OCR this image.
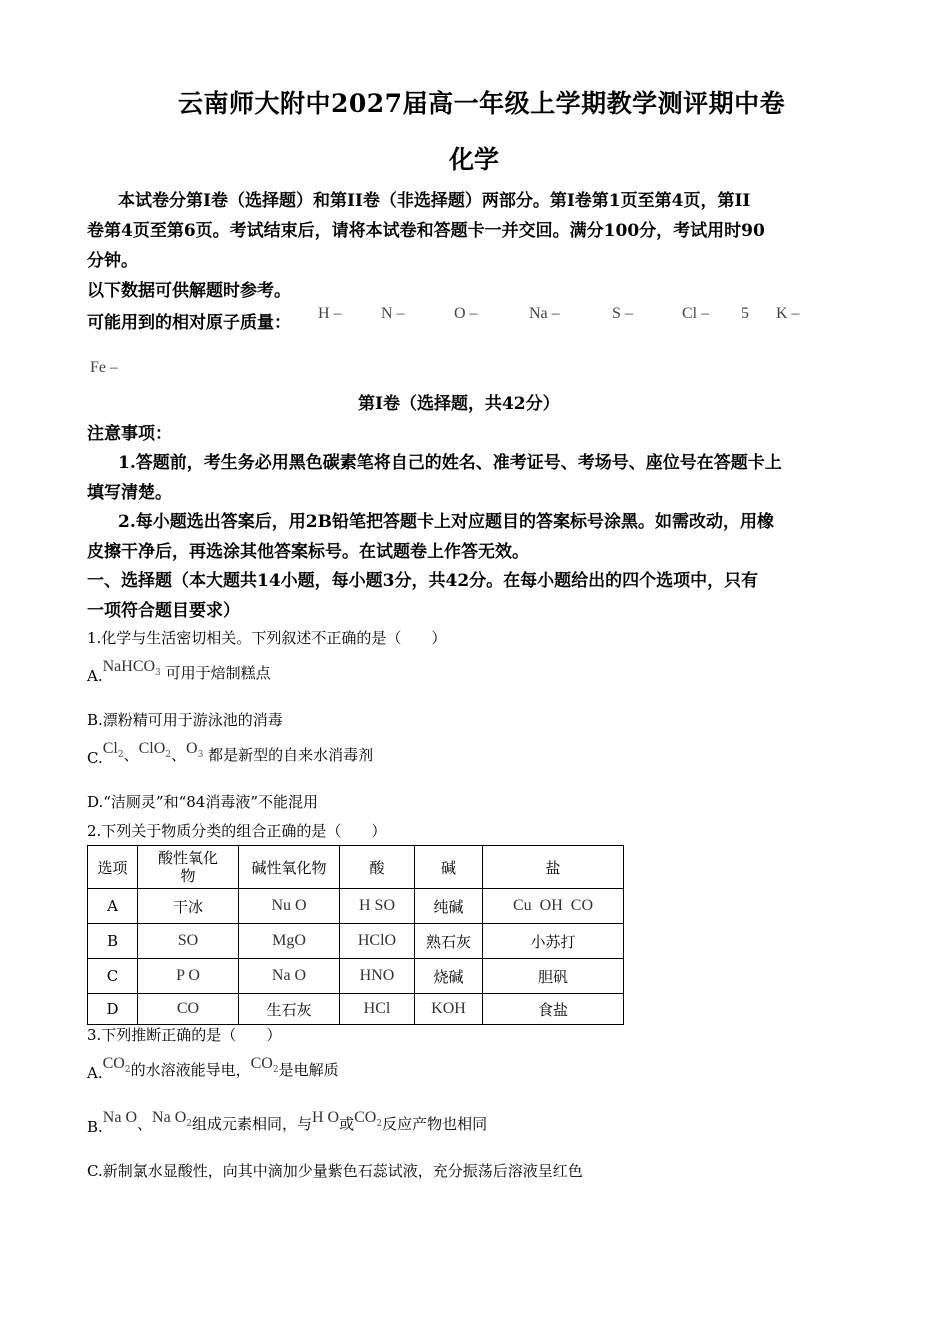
云南师大附中2027届高一年级上学期教学测评期中卷
化学
本试卷分第I卷（选择题）和第II卷（非选择题）两部分。第I卷第1页至第4页，第II
卷第4页至第6页。考试结束后，请将本试卷和答题卡一并交回。满分100分，考试用时90
分钟。
以下数据可供解题时参考。
可能用到的相对原子质量： H – N –	O –	Na –	S –	Cl – 5 K –
Fe –
第I卷（选择题，共42分）
注意事项：
1.答题前，考生务必用黑色碳素笔将自己的姓名、准考证号、考场号、座位号在答题卡上
填写清楚。
2.每小题选出答案后，用2B铅笔把答题卡上对应题目的答案标号涂黑。如需改动，用橡
皮擦干净后，再选涂其他答案标号。在试题卷上作答无效。
一、选择题（本大题共14小题，每小题3分，共42分。在每小题给出的四个选项中，只有
一项符合题目要求）
1.化学与生活密切相关。下列叙述不正确的是（　　）
A.NaHCO$_3$ 可用于焙制糕点
B.漂粉精可用于游泳池的消毒
$C.Cl_2$、ClO$_2$、$O_3$ 都是新型的自来水消毒剂
D.“洁厕灵”和“84消毒液”不能混用
2.下列关于物质分类的组合正确的是（　　）
选项	酸性氧化物	碱性氧化物	酸	碱	盐
A	干冰	Nu O	H SO	纯碱	Cu  OH  CO
B	SO	MgO	HClO	熟石灰	小苏打
C	P O	Na O	HNO	烧碱	胆矾
D	CO	生石灰	HCl	KOH	食盐
3.下列推断正确的是（　　）
$A.CO_2$的水溶液能导电，$CO_2$是电解质
B.Na O、Na $O_2$组成元素相同，与H O或$CO_2$反应产物也相同
C.新制氯水显酸性，向其中滴加少量紫色石蕊试液，充分振荡后溶液呈红色
